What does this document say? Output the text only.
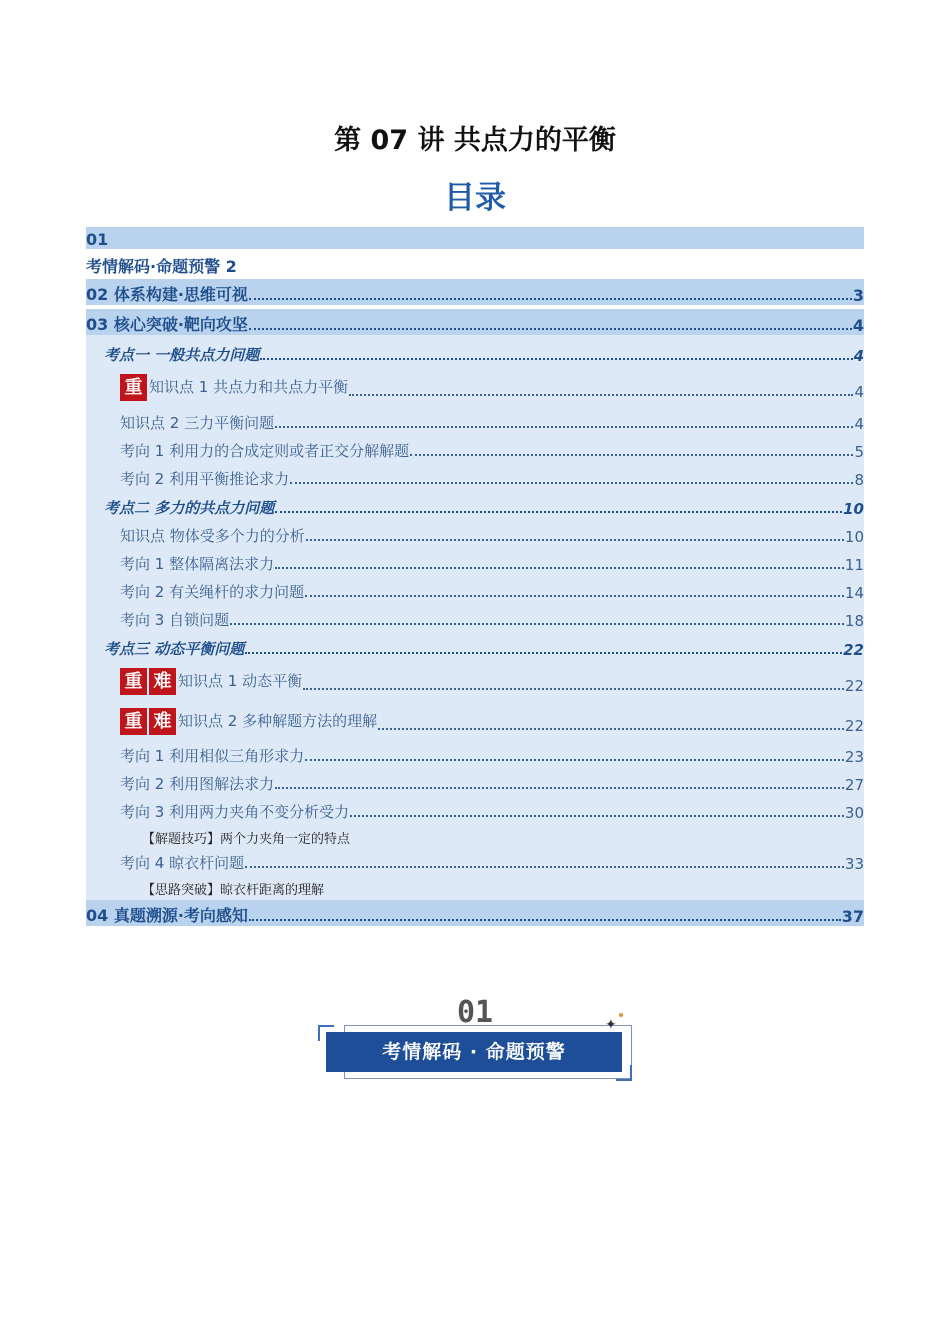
第 07 讲 共点力的平衡
目录
01
考情解码·命题预警 2
02 体系构建·思维可视	3
03 核心突破·靶向攻坚	4
考点一 一般共点力问题	4
重 知识点 1 共点力和共点力平衡	4
知识点 2 三力平衡问题	4
考向 1 利用力的合成定则或者正交分解解题	5
考向 2 利用平衡推论求力	8
考点二 多力的共点力问题	10
知识点 物体受多个力的分析	10
考向 1 整体隔离法求力	11
考向 2 有关绳杆的求力问题	14
考向 3 自锁问题	18
考点三 动态平衡问题	22
重 难 知识点 1 动态平衡	22
重 难 知识点 2 多种解题方法的理解	22
考向 1 利用相似三角形求力	23
考向 2 利用图解法求力	27
考向 3 利用两力夹角不变分析受力	30
【解题技巧】两个力夹角一定的特点
考向 4 晾衣杆问题	33
【思路突破】晾衣杆距离的理解
04 真题溯源·考向感知	37
01
考情解码 · 命题预警
✦
